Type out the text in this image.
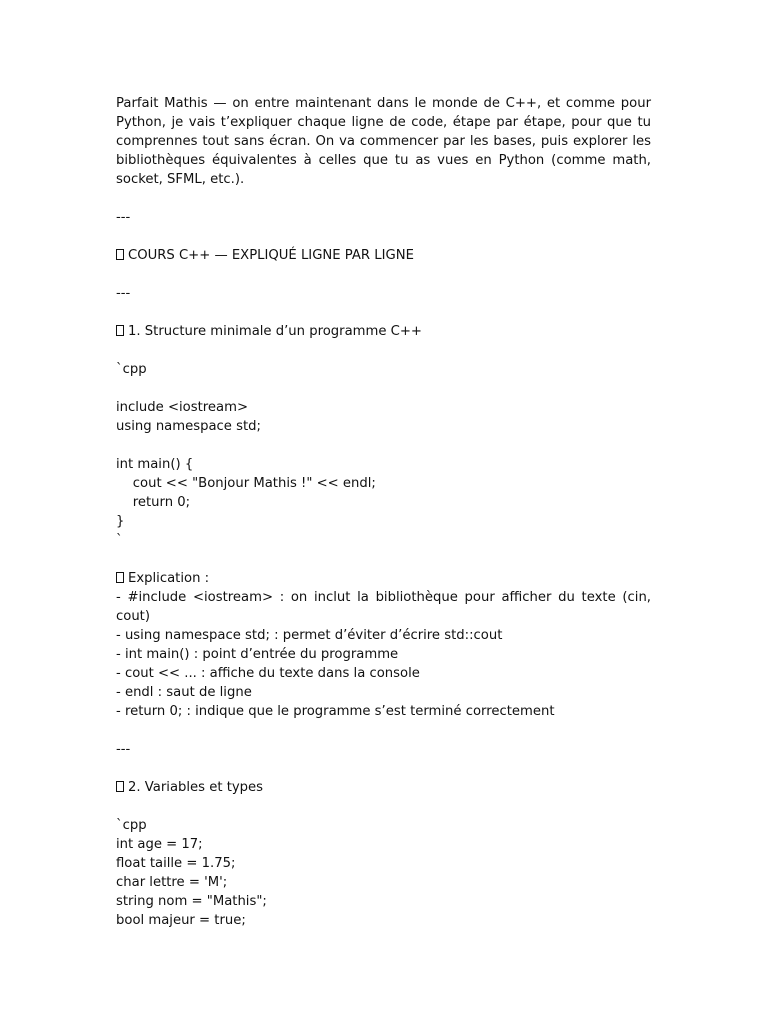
Parfait Mathis — on entre maintenant dans le monde de C++, et comme pour Python, je vais t’expliquer chaque ligne de code, étape par étape, pour que tu comprennes tout sans écran. On va commencer par les bases, puis explorer les bibliothèques équivalentes à celles que tu as vues en Python (comme math, socket, SFML, etc.).

---
COURS C++ — EXPLIQUÉ LIGNE PAR LIGNE
---
1. Structure minimale d’un programme C++
`cpp
include <iostream>
using namespace std;
int main() {
cout << "Bonjour Mathis !" << endl;
return 0;
}
`
Explication :
- #include <iostream> : on inclut la bibliothèque pour afficher du texte (cin, cout)
- using namespace std; : permet d’éviter d’écrire std::cout
- int main() : point d’entrée du programme
- cout << ... : affiche du texte dans la console
- endl : saut de ligne
- return 0; : indique que le programme s’est terminé correctement
---
2. Variables et types
`cpp
int age = 17;
float taille = 1.75;
char lettre = 'M';
string nom = "Mathis";
bool majeur = true;
